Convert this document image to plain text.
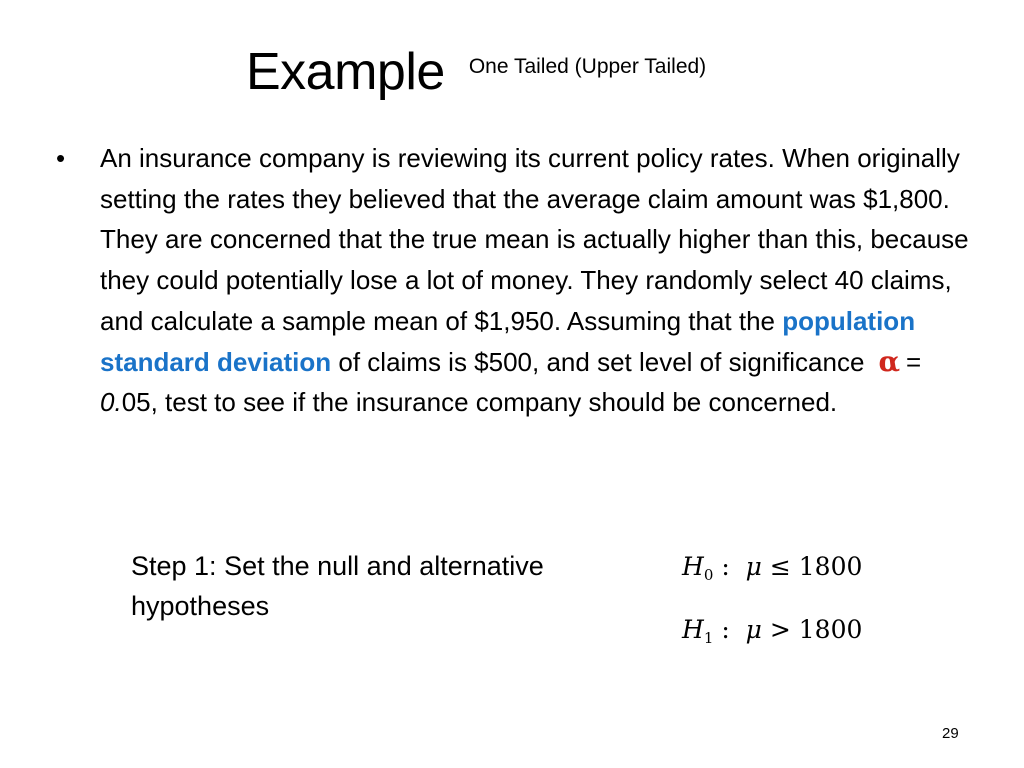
Example One Tailed (Upper Tailed)
• An insurance company is reviewing its current policy rates. When originally setting the rates they believed that the average claim amount was $1,800. They are concerned that the true mean is actually higher than this, because they could potentially lose a lot of money. They randomly select 40 claims, and calculate a sample mean of $1,950. Assuming that the population standard deviation of claims is $500, and set level of significance α = 0.05, test to see if the insurance company should be concerned.
Step 1: Set the null and alternative hypotheses
$H_0$ : μ ≤ 1800
$H_1$ : μ > 1800
29
